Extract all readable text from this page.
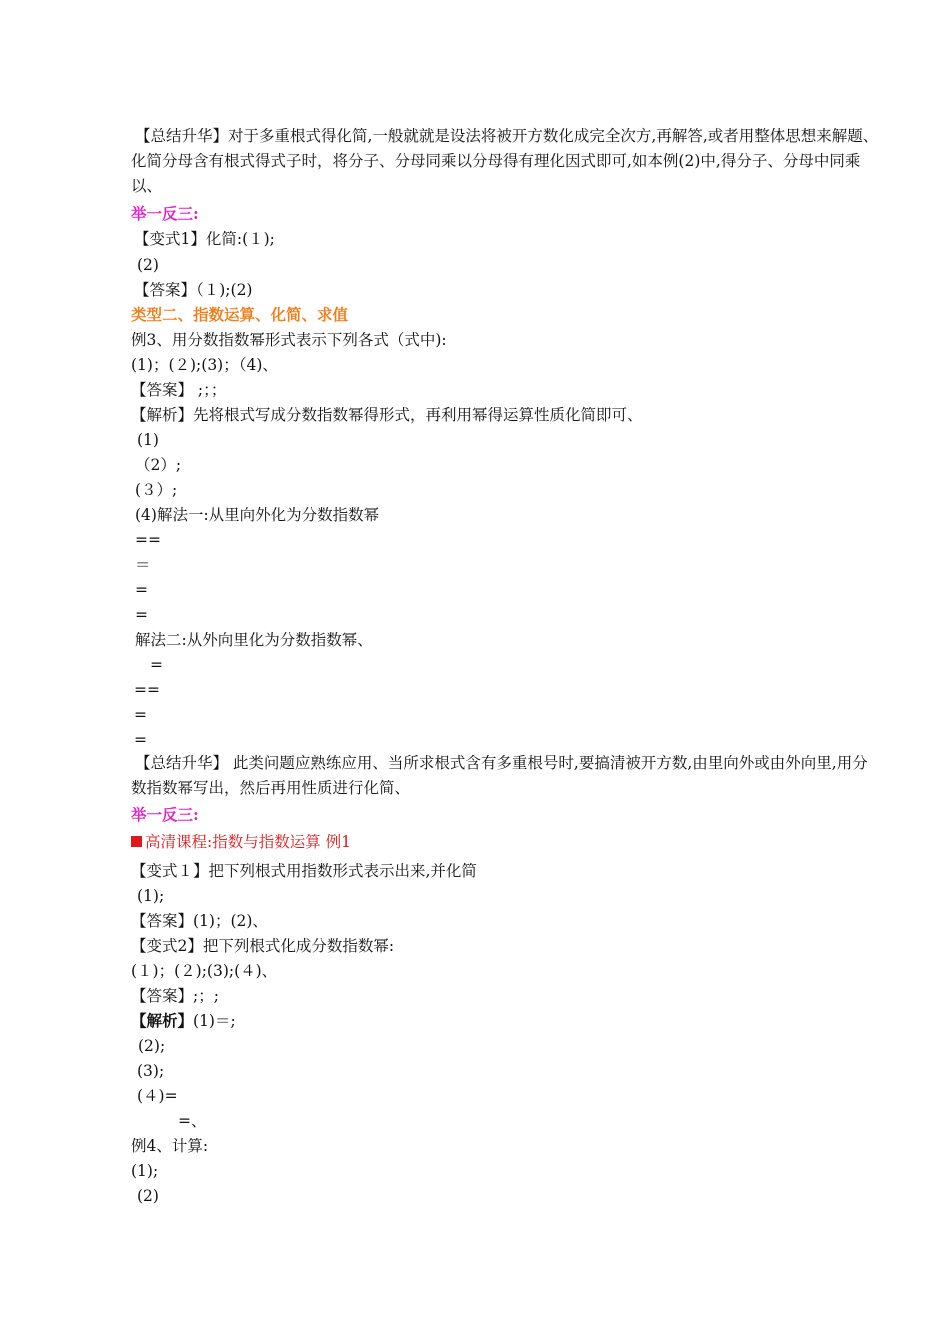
【总结升华】对于多重根式得化简,一般就就是设法将被开方数化成完全次方,再解答,或者用整体思想来解题、化简分母含有根式得式子时，将分子、分母同乘以分母得有理化因式即可,如本例(2)中,得分子、分母中同乘以、
举一反三:
【变式1】化简:(１);
(2)
【答案】（１);(2)
类型二、指数运算、化简、求值
例3、用分数指数幂形式表示下列各式（式中):
(1)；(２);(3)；（4)、
【答案】 ;；；
【解析】先将根式写成分数指数幂得形式，再利用幂得运算性质化简即可、
(1)
（2）;
(３）;
(4)解法一:从里向外化为分数指数幂
==
＝
=
=
解法二:从外向里化为分数指数幂、
=
==
=
=
【总结升华】 此类问题应熟练应用、当所求根式含有多重根号时,要搞清被开方数,由里向外或由外向里,用分数指数幂写出，然后再用性质进行化简、
举一反三:
高清课程:指数与指数运算 例1
【变式１】把下列根式用指数形式表示出来,并化简
(1);
【答案】(1)；(2)、
【变式2】把下列根式化成分数指数幂:
(１)；(２);(3);(４)、
【答案】;；;
【解析】(1)＝;
(2);
(3);
(４)=
=、
例4、计算:
(1);
(2)
